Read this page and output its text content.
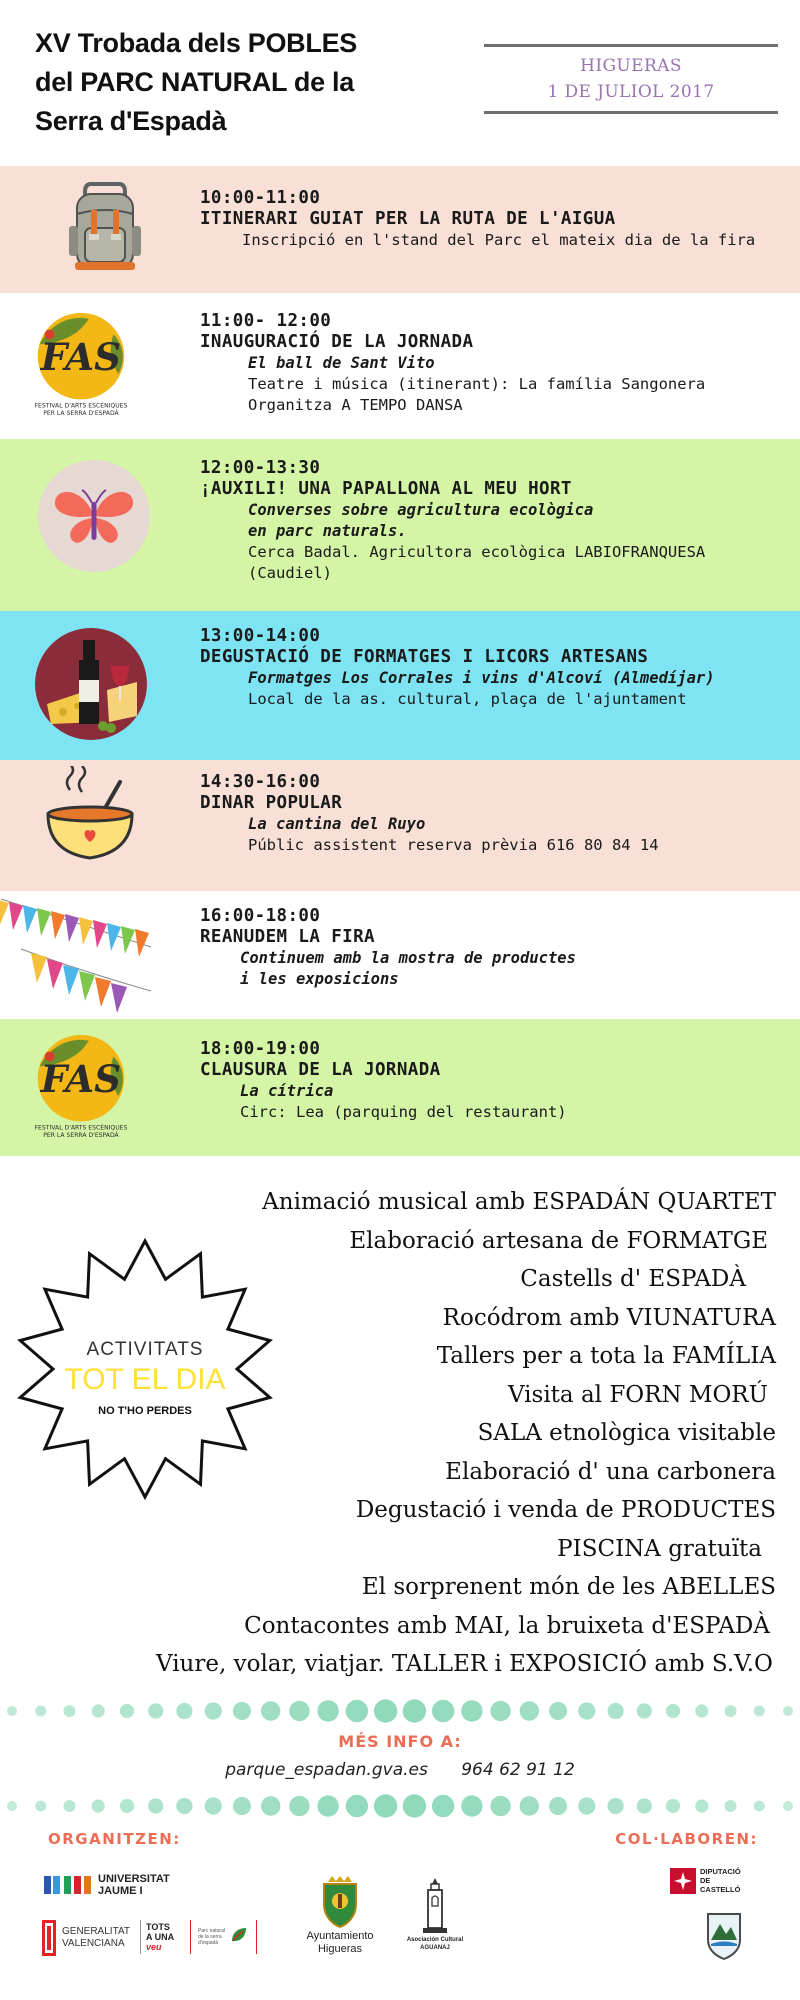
XV Trobada dels POBLES
del PARC NATURAL de la
Serra d'Espadà
HIGUERAS
1 DE JULIOL 2017
10:00-11:00
ITINERARI GUIAT PER LA RUTA DE L'AIGUA
Inscripció en l'stand del Parc el mateix dia de la fira
11:00- 12:00
INAUGURACIÓ DE LA JORNADA
El ball de Sant Vito
Teatre i música (itinerant): La família Sangonera
Organitza A TEMPO DANSA
FAS
FESTIVAL D'ARTS ESCÈNIQUES
PER LA SERRA D'ESPADÀ
12:00-13:30
¡AUXILI! UNA PAPALLONA AL MEU HORT
Converses sobre agricultura ecològica
en parc naturals.
Cerca Badal. Agricultora ecològica LABIOFRANQUESA
(Caudiel)
13:00-14:00
DEGUSTACIÓ DE FORMATGES I LICORS ARTESANS
Formatges Los Corrales i vins d'Alcoví (Almedíjar)
Local de la as. cultural, plaça de l'ajuntament
14:30-16:00
DINAR POPULAR
La cantina del Ruyo
Públic assistent reserva prèvia 616 80 84 14
16:00-18:00
REANUDEM LA FIRA
Continuem amb la mostra de productes
i les exposicions
18:00-19:00
CLAUSURA DE LA JORNADA
La cítrica
Circ: Lea (parquing del restaurant)
FAS
FESTIVAL D'ARTS ESCÈNIQUES
PER LA SERRA D'ESPADÀ
ACTIVITATS
TOT EL DIA
NO T'HO PERDES
Animació musical amb ESPADÁN QUARTET
Elaboració artesana de FORMATGE
Castells d' ESPADÀ
Rocódrom amb VIUNATURA
Tallers per a tota la FAMÍLIA
Visita al FORN MORÚ
SALA etnològica visitable
Elaboració d' una carbonera
Degustació i venda de PRODUCTES
PISCINA gratuïta
El sorprenent món de les ABELLES
Contacontes amb MAI, la bruixeta d'ESPADÀ
Viure, volar, viatjar. TALLER i EXPOSICIÓ amb S.V.O
MÉS INFO A:
parque_espadan.gva.es 964 62 91 12
ORGANITZEN:	COL·LABOREN:
UNIVERSITAT
JAUME I
GENERALITAT
VALENCIANA
TOTS
A UNA
veu
Parc natural
de la serra
d'espadà
Ayuntamiento
Higueras
Asociación Cultural
AGUANAJ
DIPUTACIÓ
DE
CASTELLÓ
